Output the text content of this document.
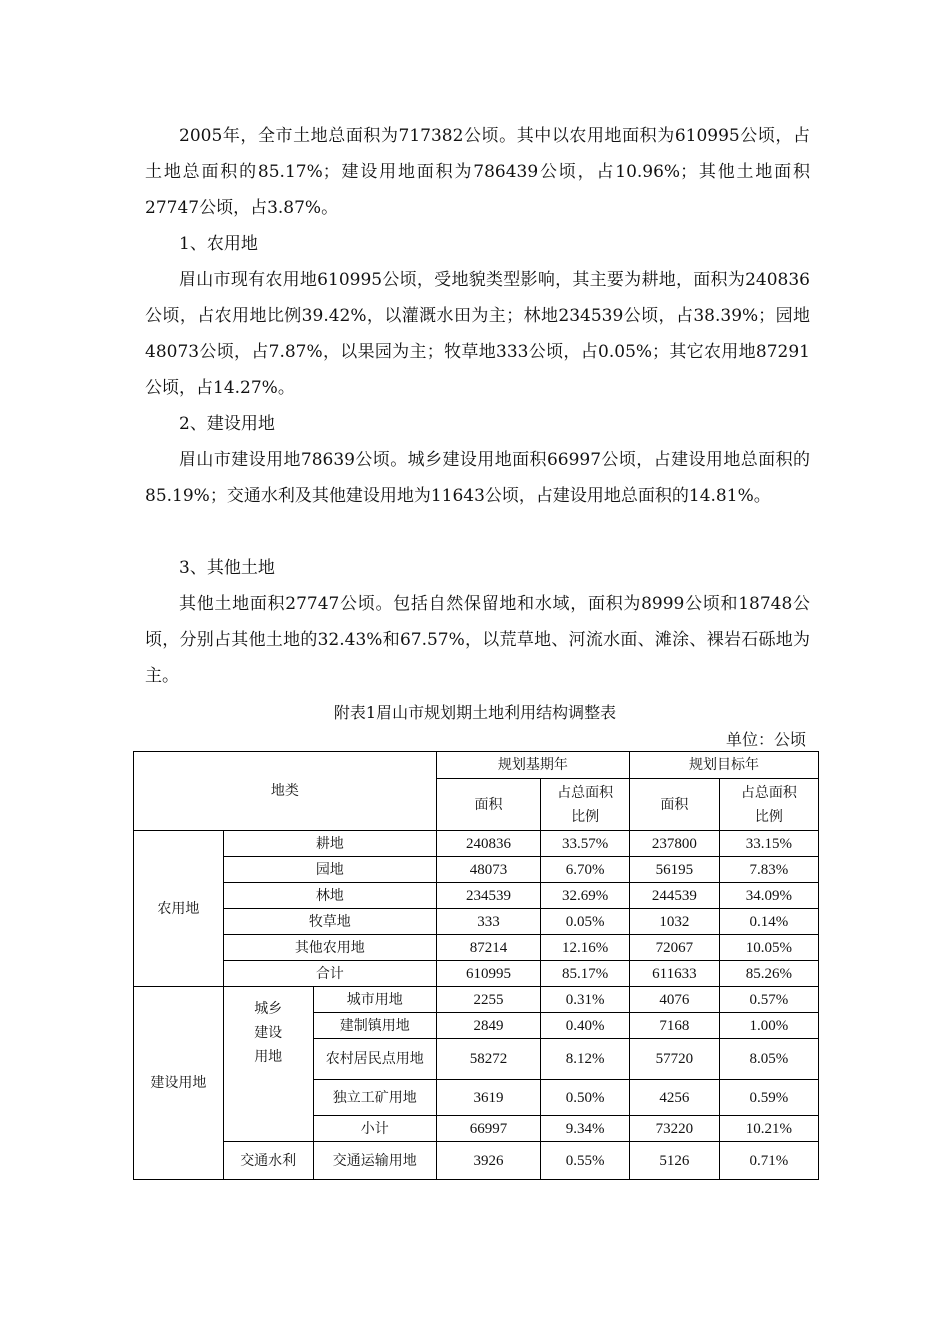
2005年，全市土地总面积为717382公顷。其中以农用地面积为610995公顷，占土地总面积的85.17%；建设用地面积为786439公顷，占10.96%；其他土地面积27747公顷，占3.87%。

1、农用地

眉山市现有农用地610995公顷，受地貌类型影响，其主要为耕地，面积为240836公顷，占农用地比例39.42%，以灌溉水田为主；林地234539公顷，占38.39%；园地48073公顷，占7.87%，以果园为主；牧草地333公顷，占0.05%；其它农用地87291公顷，占14.27%。

2、建设用地

眉山市建设用地78639公顷。城乡建设用地面积66997公顷，占建设用地总面积的85.19%；交通水利及其他建设用地为11643公顷，占建设用地总面积的14.81%。

3、其他土地

其他土地面积27747公顷。包括自然保留地和水域，面积为8999公顷和18748公顷，分别占其他土地的32.43%和67.57%，以荒草地、河流水面、滩涂、裸岩石砾地为主。

附表1眉山市规划期土地利用结构调整表
单位：公顷
地类			规划基期年		规划目标年	
			面积	占总面积比例	面积	占总面积比例
农用地	耕地		240836	33.57%	237800	33.15%
	园地		48073	6.70%	56195	7.83%
	林地		234539	32.69%	244539	34.09%
	牧草地		333	0.05%	1032	0.14%
	其他农用地		87214	12.16%	72067	10.05%
	合计		610995	85.17%	611633	85.26%
建设用地	城乡建设用地	城市用地	2255	0.31%	4076	0.57%
		建制镇用地	2849	0.40%	7168	1.00%
		农村居民点用地	58272	8.12%	57720	8.05%
		独立工矿用地	3619	0.50%	4256	0.59%
		小计	66997	9.34%	73220	10.21%
	交通水利	交通运输用地	3926	0.55%	5126	0.71%
